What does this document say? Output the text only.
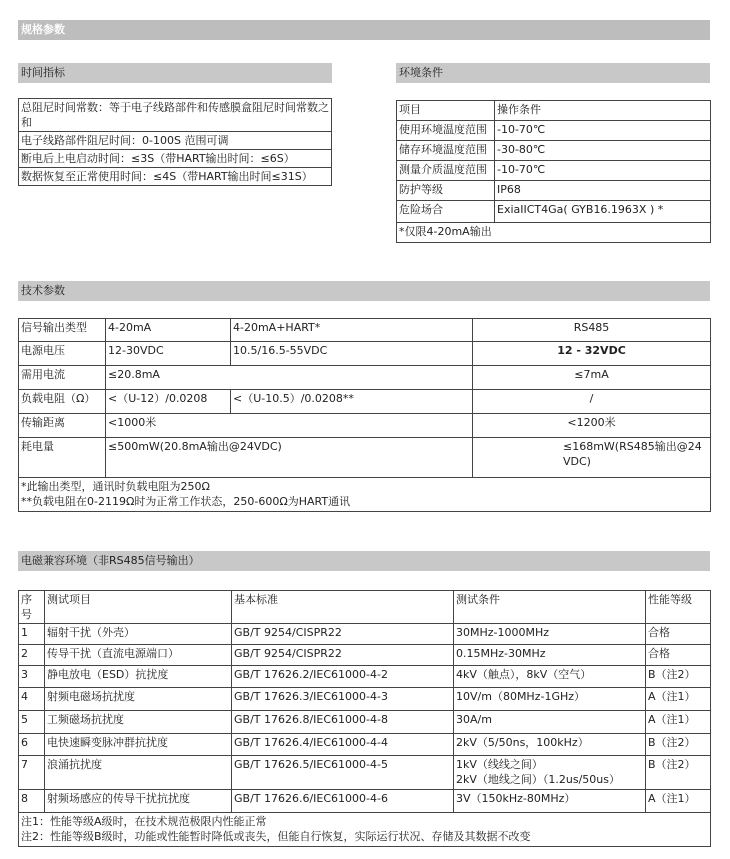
规格参数
时间指标
总阻尼时间常数：等于电子线路部件和传感膜盒阻尼时间常数之和
电子线路部件阻尼时间：0-100S 范围可调
断电后上电启动时间：≤3S（带HART输出时间：≤6S）
数据恢复至正常使用时间：≤4S（带HART输出时间≤31S）
环境条件
项目	操作条件
使用环境温度范围	-10-70℃
储存环境温度范围	-30-80℃
测量介质温度范围	-10-70℃
防护等级	IP68
危险场合	ExiaIICT4Ga( GYB16.1963X ) *
*仅限4-20mA输出	
技术参数
信号输出类型	4-20mA	4-20mA+HART*	RS485
电源电压	12-30VDC	10.5/16.5-55VDC	12 - 32VDC
需用电流	≤20.8mA		≤7mA
负载电阻（Ω）	<（U-12）/0.0208	<（U-10.5）/0.0208**	/
传输距离	<1000米		<1200米
耗电量	≤500mW(20.8mA输出@24VDC)		≤168mW(RS485输出@24VDC)

*此输出类型，通讯时负载电阻为250Ω
**负载电阻在0-2119Ω时为正常工作状态，250-600Ω为HART通讯			
电磁兼容环境（非RS485信号输出）
序号	测试项目	基本标准	测试条件	性能等级
1	辐射干扰（外壳）	GB/T 9254/CISPR22	30MHz-1000MHz	合格
2	传导干扰（直流电源端口）	GB/T 9254/CISPR22	0.15MHz-30MHz	合格
3	静电放电（ESD）抗扰度	GB/T 17626.2/IEC61000-4-2	4kV（触点），8kV（空气）	B（注2）
4	射频电磁场抗扰度	GB/T 17626.3/IEC61000-4-3	10V/m（80MHz-1GHz）	A（注1）
5	工频磁场抗扰度	GB/T 17626.8/IEC61000-4-8	30A/m	A（注1）
6	电快速瞬变脉冲群抗扰度	GB/T 17626.4/IEC61000-4-4	2kV（5/50ns，100kHz）	B（注2）
7	浪涌抗扰度	GB/T 17626.5/IEC61000-4-5	1kV（线线之间）
2kV（地线之间）（1.2us/50us）	B（注2）
8	射频场感应的传导干扰抗扰度	GB/T 17626.6/IEC61000-4-6	3V（150kHz-80MHz）	A（注1）

注1：性能等级A级时，在技术规范极限内性能正常
注2：性能等级B级时，功能或性能暂时降低或丧失，但能自行恢复，实际运行状况、存储及其数据不改变				
